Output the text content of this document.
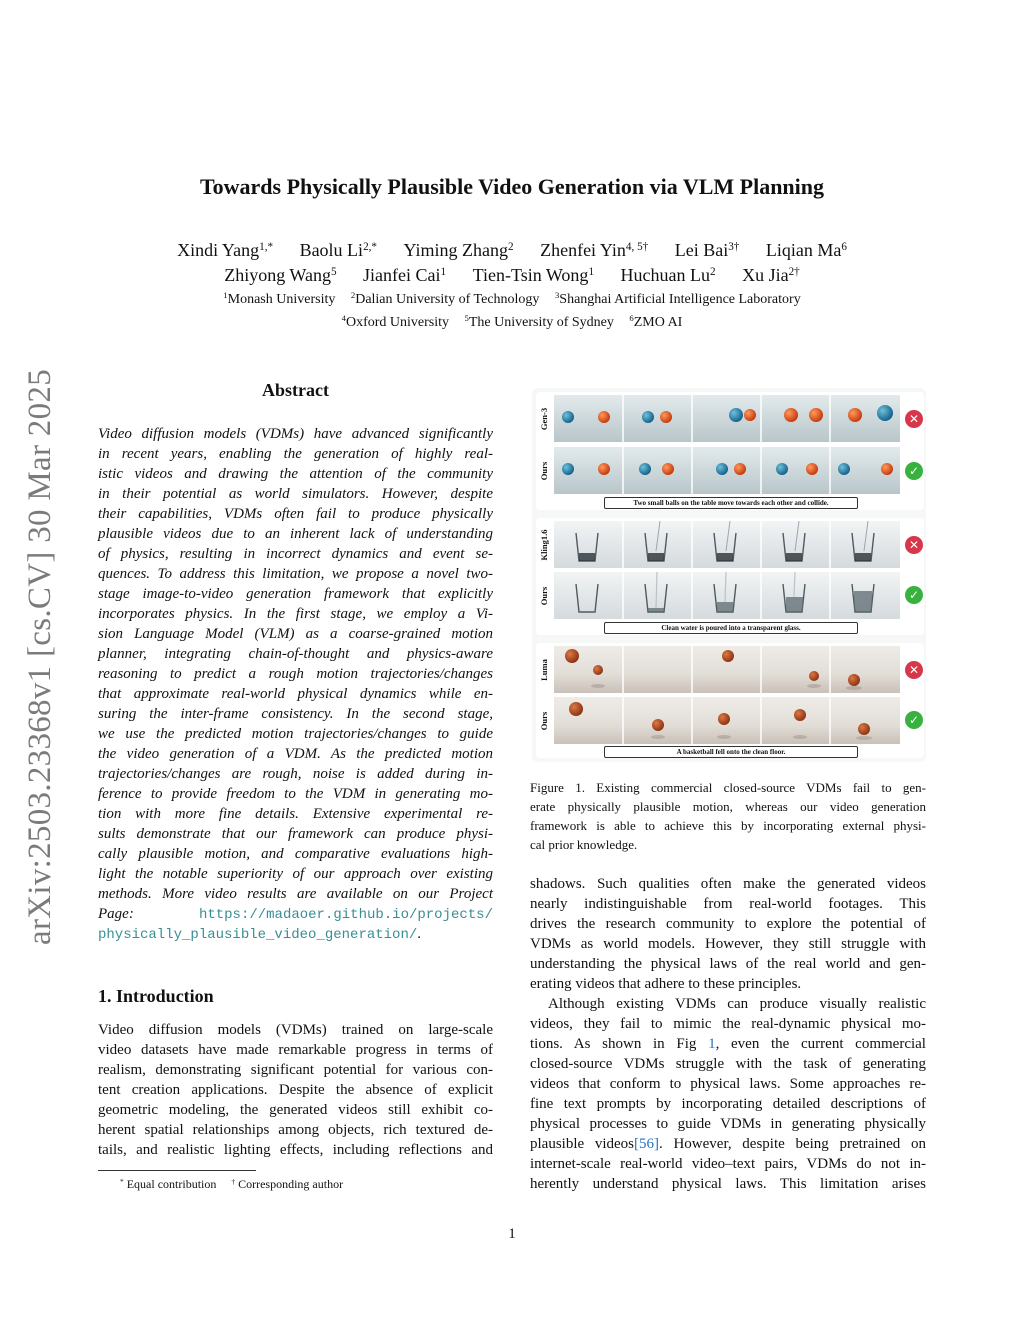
arXiv:2503.23368v1 [cs.CV] 30 Mar 2025
Towards Physically Plausible Video Generation via VLM Planning
Xindi Yang$^{1,*}$ Baolu $Li^{2,*}$ Yiming Zhang$^2$ Zhenfei Yin$^{4, 5\dagger}$ Lei Bai$^{3\dagger}$ Liqian Ma$^6$
Zhiyong Wang$^5$ Jianfei Cai$^1$ Tien-Tsin Wong$^1$ Huchuan Lu$^2$ Xu Jia$^{2\dagger}$
$^1$Monash University $^2$Dalian University of Technology $^3$Shanghai Artificial Intelligence Laboratory
$^4$Oxford University $^5$The University of Sydney $^6$ZMO AI
Abstract
Video diffusion models (VDMs) have advanced significantly
in recent years, enabling the generation of highly real-
istic videos and drawing the attention of the community
in their potential as world simulators. However, despite
their capabilities, VDMs often fail to produce physically
plausible videos due to an inherent lack of understanding
of physics, resulting in incorrect dynamics and event se-
quences. To address this limitation, we propose a novel two-
stage image-to-video generation framework that explicitly
incorporates physics. In the first stage, we employ a Vi-
sion Language Model (VLM) as a coarse-grained motion
planner, integrating chain-of-thought and physics-aware
reasoning to predict a rough motion trajectories/changes
that approximate real-world physical dynamics while en-
suring the inter-frame consistency. In the second stage,
we use the predicted motion trajectories/changes to guide
the video generation of a VDM. As the predicted motion
trajectories/changes are rough, noise is added during in-
ference to provide freedom to the VDM in generating mo-
tion with more fine details. Extensive experimental re-
sults demonstrate that our framework can produce physi-
cally plausible motion, and comparative evaluations high-
light the notable superiority of our approach over existing
methods. More video results are available on our Project
Page:	https://madaoer.github.io/projects/
physically_plausible_video_generation/.
1. Introduction
Video diffusion models (VDMs) trained on large-scale
video datasets have made remarkable progress in terms of
realism, demonstrating significant potential for various con-
tent creation applications. Despite the absence of explicit
geometric modeling, the generated videos still exhibit co-
herent spatial relationships among objects, rich textured de-
tails, and realistic lighting effects, including reflections and
* Equal contribution † Corresponding author
Gen-3	✕
Ours	✓
Two small balls on the table move towards each other and collide.
Kling1.6	✕
Ours	✓
Clean water is poured into a transparent glass.
Luma	✕
Ours	✓
A basketball fell onto the clean floor.
Figure 1. Existing commercial closed-source VDMs fail to gen-
erate physically plausible motion, whereas our video generation
framework is able to achieve this by incorporating external physi-
cal prior knowledge.
shadows. Such qualities often make the generated videos
nearly indistinguishable from real-world footages. This
drives the research community to explore the potential of
VDMs as world models. However, they still struggle with
understanding the physical laws of the real world and gen-
erating videos that adhere to these principles.
Although existing VDMs can produce visually realistic
videos, they fail to mimic the real-dynamic physical mo-
tions. As shown in Fig 1, even the current commercial
closed-source VDMs struggle with the task of generating
videos that conform to physical laws. Some approaches re-
fine text prompts by incorporating detailed descriptions of
physical processes to guide VDMs in generating physically
plausible videos[56]. However, despite being pretrained on
internet-scale real-world video–text pairs, VDMs do not in-
herently understand physical laws. This limitation arises
1
